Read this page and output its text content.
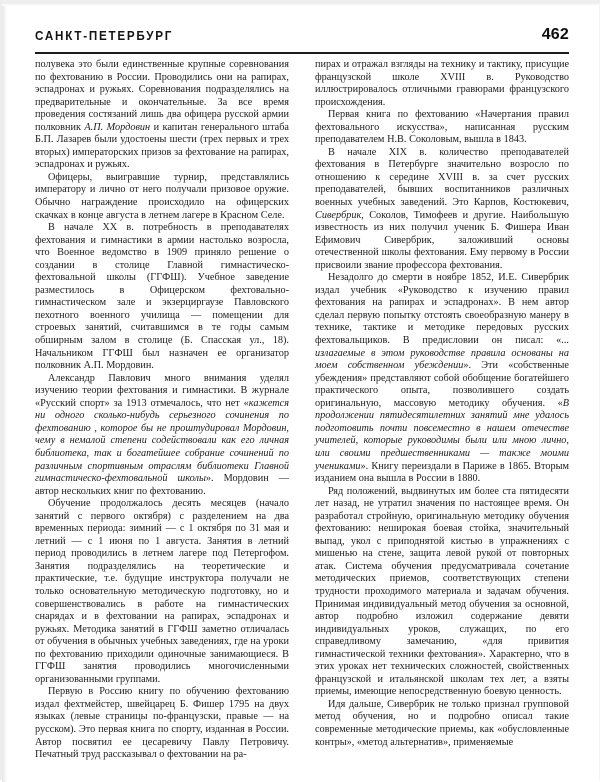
САНКТ-ПЕТЕРБУРГ	462

полувека это были единственные крупные соревнования по фехтованию в России. Проводились они на рапирах, эспадронах и ружьях. Соревнования подразделялись на предварительные и окончательные. За все время проведения состязаний лишь два офицера русской армии полковник А.П. Мордовин и капитан генерального штаба Б.П. Лазарев были удостоены шести (трех первых и трех вторых) императорских призов за фехтование на рапирах, эспадронах и ружьях.

Офицеры, выигравшие турнир, представлялись императору и лично от него получали призовое оружие. Обычно награждение происходило на офицерских скачках в конце августа в летнем лагере в Красном Селе.

В начале XX в. потребность в преподавателях фехтования и гимнастики в армии настолько возросла, что Военное ведомство в 1909 приняло решение о создании в столице Главной гимнастическо-фехтовальной школы (ГГФШ). Учебное заведение разместилось в Офицерском фехтовально-гимнастическом зале и экзерциргаузе Павловского пехотного военного училища — помещении для строевых занятий, считавшимся в те годы самым обширным залом в столице (Б. Спасская ул., 18). Начальником ГГФШ был назначен ее организатор полковник А.П. Мордовин.

Александр Павлович много внимания уделял изучению теории фехтования и гимнастики. В журнале «Русский спорт» за 1913 отмечалось, что нет «кажется ни одного сколько-нибудь серьезного сочинения по фехтованию , которое бы не проштудировал Мордовин, чему в немалой степени содействовали как его личная библиотека, так и богатейшее собрание сочинений по различным спортивным отраслям библиотеки Главной гимнастическо-фехтовальной школы». Мордовин — автор нескольких книг по фехтованию.

Обучение продолжалось десять месяцев (начало занятий с первого октября) с разделением на два временных периода: зимний — с 1 октября по 31 мая и летний — с 1 июня по 1 августа. Занятия в летний период проводились в летнем лагере под Петергофом. Занятия подразделялись на теоретические и практические, т.е. будущие инструктора получали не только основательную методическую подготовку, но и совершенствовались в работе на гимнастических снарядах и в фехтовании на рапирах, эспадронах и ружьях. Методика занятий в ГГФШ заметно отличалась от обучения в обычных учебных заведениях, где на уроки по фехтованию приходили одиночные занимающиеся. В ГГФШ занятия проводились многочисленными организованными группами.

Первую в Россию книгу по обучению фехтованию издал фехтмейстер, швейцарец Б. Фишер 1795 на двух языках (левые страницы по-французски, правые — на русском). Это первая книга по спорту, изданная в России. Автор посвятил ее цесаревичу Павлу Петровичу. Печатный труд рассказывал о фехтовании на ра-

пирах и отражал взгляды на технику и тактику, присущие французской школе XVIII в. Руководство иллюстрировалось отличными гравюрами французского происхождения.

Первая книга по фехтованию «Начертания правил фехтовального искусства», написанная русским преподавателем Н.В. Соколовым, вышла в 1843.

В начале XIX в. количество преподавателей фехтования в Петербурге значительно возросло по отношению к середине XVIII в. за счет русских преподавателей, бывших воспитанников различных военных учебных заведений. Это Карпов, Костюкевич, Сивербрик, Соколов, Тимофеев и другие. Наибольшую известность из них получил ученик Б. Фишера Иван Ефимович Сивербрик, заложивший основы отечественной школы фехтования. Ему первому в России присвоили звание профессора фехтования.

Незадолго до смерти в ноябре 1852, И.Е. Сивербрик издал учебник «Руководство к изучению правил фехтования на рапирах и эспадронах». В нем автор сделал первую попытку отстоять своеобразную манеру в технике, тактике и методике передовых русских фехтовальщиков. В предисловии он писал: «... излагаемые в этом руководстве правила основаны на моем собственном убеждении». Эти «собственные убеждения» представляют собой обобщение богатейшего практического опыта, позволившего создать оригинальную, массовую методику обучения. «В продолжении пятидесятилетних занятий мне удалось подготовить почти повсеместно в нашем отечестве учителей, которые руководимы были или мною лично, или своими предшественниками — также моими учениками». Книгу переиздали в Париже в 1865. Вторым изданием она вышла в России в 1880.

Ряд положений, выдвинутых им более ста пятидесяти лет назад, не утратил значения по настоящее время. Он разработал стройную, оригинальную методику обучения фехтованию: неширокая боевая стойка, значительный выпад, укол с приподнятой кистью в упражнениях с мишенью на стене, защита левой рукой от повторных атак. Система обучения предусматривала сочетание методических приемов, соответствующих степени трудности проходимого материала и задачам обучения. Принимая индивидуальный метод обучения за основной, автор подробно изложил содержание девяти индивидуальных уроков, служащих, по его справедливому замечанию, «для привития гимнастической техники фехтования». Характерно, что в этих уроках нет технических сложностей, свойственных французской и итальянской школам тех лет, а взяты приемы, имеющие непосредственную боевую ценность.

Идя дальше, Сивербрик не только признал групповой метод обучения, но и подробно описал такие современные методические приемы, как «обусловленные контры», «метод альтернатив», применяемые
